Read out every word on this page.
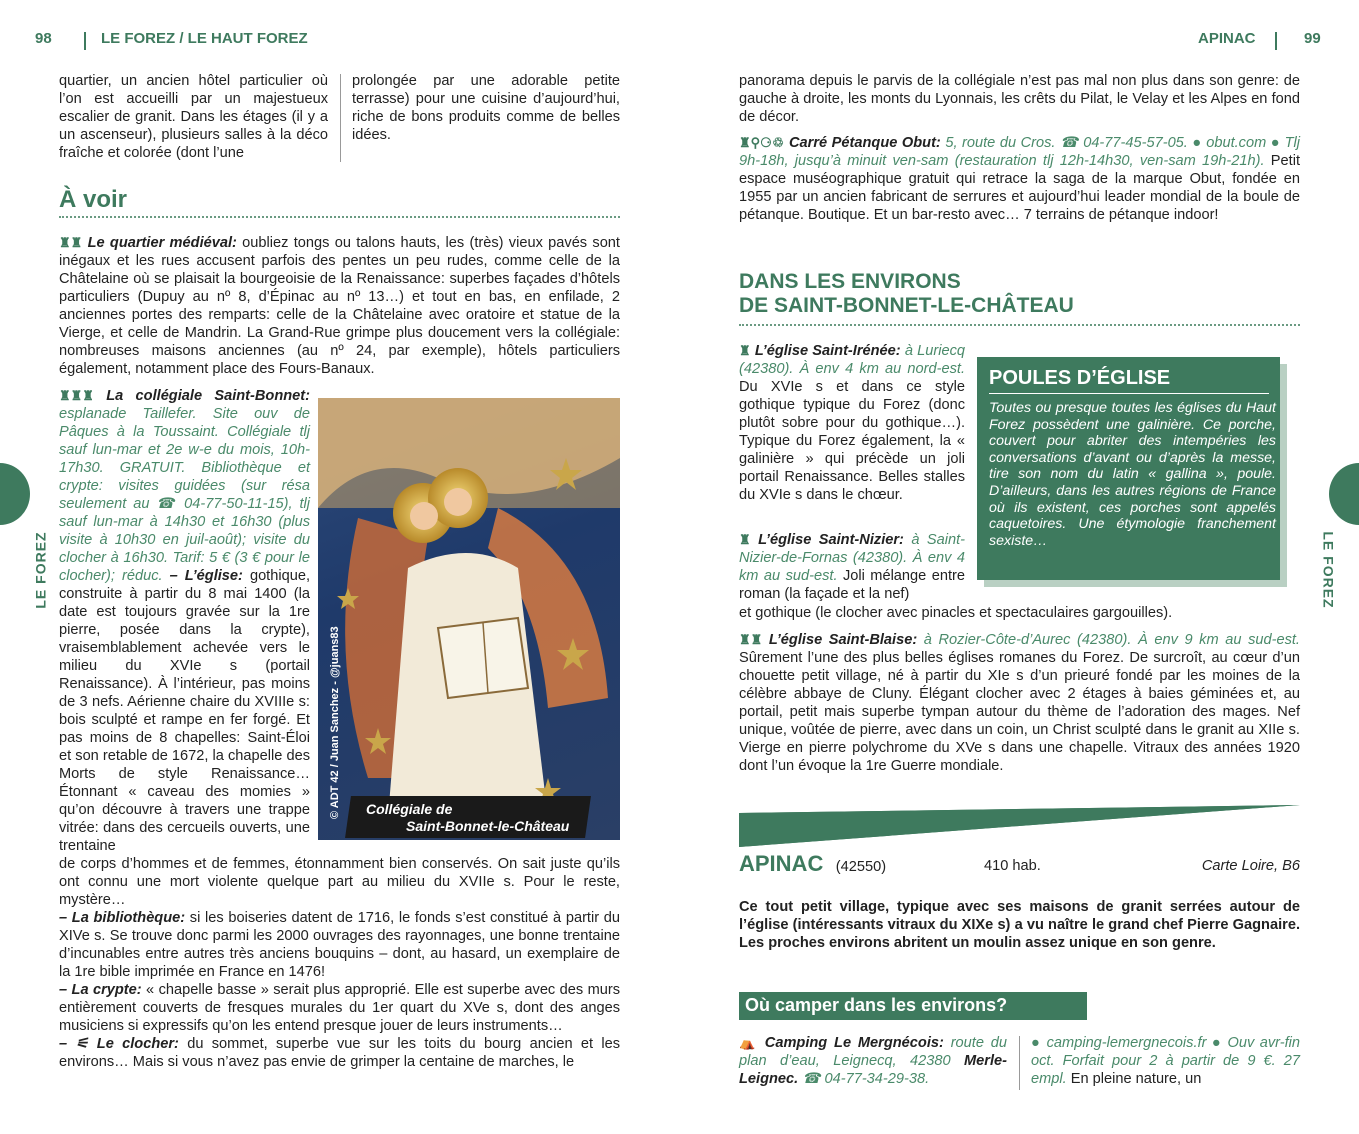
98	LE FOREZ / LE HAUT FOREZ	APINAC	99
LE FOREZ	LE FOREZ

quartier, un ancien hôtel particulier où l’on est accueilli par un majestueux escalier de granit. Dans les étages (il y a un ascenseur), plusieurs salles à la déco fraîche et colorée (dont l’une

prolongée par une adorable petite terrasse) pour une cuisine d’aujourd’hui, riche de bons produits comme de belles idées.

À voir

♜♜ Le quartier médiéval: oubliez tongs ou talons hauts, les (très) vieux pavés sont inégaux et les rues accusent parfois des pentes un peu rudes, comme celle de la Châtelaine où se plaisait la bourgeoisie de la Renaissance: superbes façades d’hôtels particuliers (Dupuy au nº 8, d’Épinac au nº 13…) et tout en bas, en enfilade, 2 anciennes portes des remparts: celle de la Châtelaine avec oratoire et statue de la Vierge, et celle de Mandrin. La Grand-Rue grimpe plus doucement vers la collégiale: nombreuses maisons anciennes (au nº 24, par exemple), hôtels particuliers également, notamment place des Fours-Banaux.

♜♜♜ La collégiale Saint-Bonnet: esplanade Taillefer. Site ouv de Pâques à la Toussaint. Collégiale tlj sauf lun-mar et 2e w-e du mois, 10h-17h30. GRATUIT. Bibliothèque et crypte: visites guidées (sur résa seulement au ☎ 04-77-50-11-15), tlj sauf lun-mar à 14h30 et 16h30 (plus visite à 10h30 en juil-août); visite du clocher à 16h30. Tarif: 5 € (3 € pour le clocher); réduc. – L’église: gothique, construite à partir du 8 mai 1400 (la date est toujours gravée sur la 1re pierre, posée dans la crypte), vraisemblablement achevée vers le milieu du XVIe s (portail Renaissance). À l’intérieur, pas moins de 3 nefs. Aérienne chaire du XVIIIe s: bois sculpté et rampe en fer forgé. Et pas moins de 8 chapelles: Saint-Éloi et son retable de 1672, la chapelle des Morts de style Renaissance… Étonnant « caveau des momies » qu’on découvre à travers une trappe vitrée: dans des cercueils ouverts, une trentaine

© ADT 42 / Juan Sanchez - @juans83 Collégiale de
Saint-Bonnet-le-Château

de corps d’hommes et de femmes, étonnamment bien conservés. On sait juste qu’ils ont connu une mort violente quelque part au milieu du XVIIe s. Pour le reste, mystère…
– La bibliothèque: si les boiseries datent de 1716, le fonds s’est constitué à partir du XIVe s. Se trouve donc parmi les 2000 ouvrages des rayonnages, une bonne trentaine d’incunables entre autres très anciens bouquins – dont, au hasard, un exemplaire de la 1re bible imprimée en France en 1476!
– La crypte: « chapelle basse » serait plus approprié. Elle est superbe avec des murs entièrement couverts de fresques murales du 1er quart du XVe s, dont des anges musiciens si expressifs qu’on les entend presque jouer de leurs instruments…
– ⚟ Le clocher: du sommet, superbe vue sur les toits du bourg ancien et les environs… Mais si vous n’avez pas envie de grimper la centaine de marches, le

panorama depuis le parvis de la collégiale n’est pas mal non plus dans son genre: de gauche à droite, les monts du Lyonnais, les crêts du Pilat, le Velay et les Alpes en fond de décor.

♜⚲⚆♲ Carré Pétanque Obut: 5, route du Cros. ☎ 04-77-45-57-05. ● obut.com ● Tlj 9h-18h, jusqu’à minuit ven-sam (restauration tlj 12h-14h30, ven-sam 19h-21h). Petit espace muséographique gratuit qui retrace la saga de la marque Obut, fondée en 1955 par un ancien fabricant de serrures et aujourd’hui leader mondial de la boule de pétanque. Boutique. Et un bar-resto avec… 7 terrains de pétanque indoor!

DANS LES ENVIRONS
DE SAINT-BONNET-LE-CHÂTEAU

♜ L’église Saint-Irénée: à Luriecq (42380). À env 4 km au nord-est. Du XVIe s et dans ce style gothique typique du Forez (donc plutôt sobre pour du gothique…). Typique du Forez également, la « galinière » qui précède un joli portail Renaissance. Belles stalles du XVIe s dans le chœur.

♜ L’église Saint-Nizier: à Saint-Nizier-de-Fornas (42380). À env 4 km au sud-est. Joli mélange entre roman (la façade et la nef)

et gothique (le clocher avec pinacles et spectaculaires gargouilles).

POULES D’ÉGLISE

Toutes ou presque toutes les églises du Haut Forez possèdent une galinière. Ce porche, couvert pour abriter des intempéries les conversations d’avant ou d’après la messe, tire son nom du latin « gallina », poule. D’ailleurs, dans les autres régions de France où ils existent, ces porches sont appelés caquetoires. Une étymologie franchement sexiste…

♜♜ L’église Saint-Blaise: à Rozier-Côte-d’Aurec (42380). À env 9 km au sud-est. Sûrement l’une des plus belles églises romanes du Forez. De surcroît, au cœur d’un chouette petit village, né à partir du XIe s d’un prieuré fondé par les moines de la célèbre abbaye de Cluny. Élégant clocher avec 2 étages à baies géminées et, au portail, petit mais superbe tympan autour du thème de l’adoration des mages. Nef unique, voûtée de pierre, avec dans un coin, un Christ sculpté dans le granit au XIIe s. Vierge en pierre polychrome du XVe s dans une chapelle. Vitraux des années 1920 dont l’un évoque la 1re Guerre mondiale.

APINAC (42550)	410 hab.	Carte Loire, B6

Ce tout petit village, typique avec ses maisons de granit serrées autour de l’église (intéressants vitraux du XIXe s) a vu naître le grand chef Pierre Gagnaire. Les proches environs abritent un moulin assez unique en son genre.

Où camper dans les environs?

⛺ Camping Le Mergnécois: route du plan d’eau, Leignecq, 42380 Merle-Leignec. ☎ 04-77-34-29-38.

● camping-lemergnecois.fr ● Ouv avr-fin oct. Forfait pour 2 à partir de 9 €. 27 empl. En pleine nature, un
